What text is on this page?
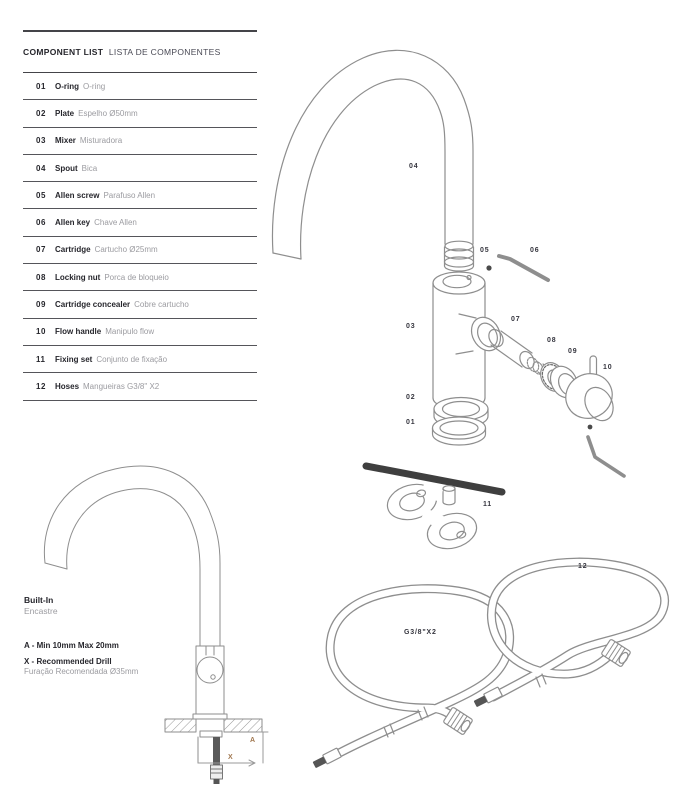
COMPONENT LIST LISTA DE COMPONENTES
01	O-ring O-ring
02	Plate Espelho Ø50mm
03	Mixer Misturadora
04	Spout Bica
05	Allen screw Parafuso Allen
06	Allen key Chave Allen
07	Cartridge Cartucho Ø25mm
08	Locking nut Porca de bloqueio
09	Cartridge concealer Cobre cartucho
10	Flow handle Manipulo flow
11	Fixing set Conjunto de fixação
12	Hoses Mangueiras G3/8" X2
04
05	06
03
07
08
09
10
02
01
11
12
G3/8"X2
A
X
Built-In
Encastre
A - Min 10mm Max 20mm
X - Recommended Drill
Furação Recomendada Ø35mm
